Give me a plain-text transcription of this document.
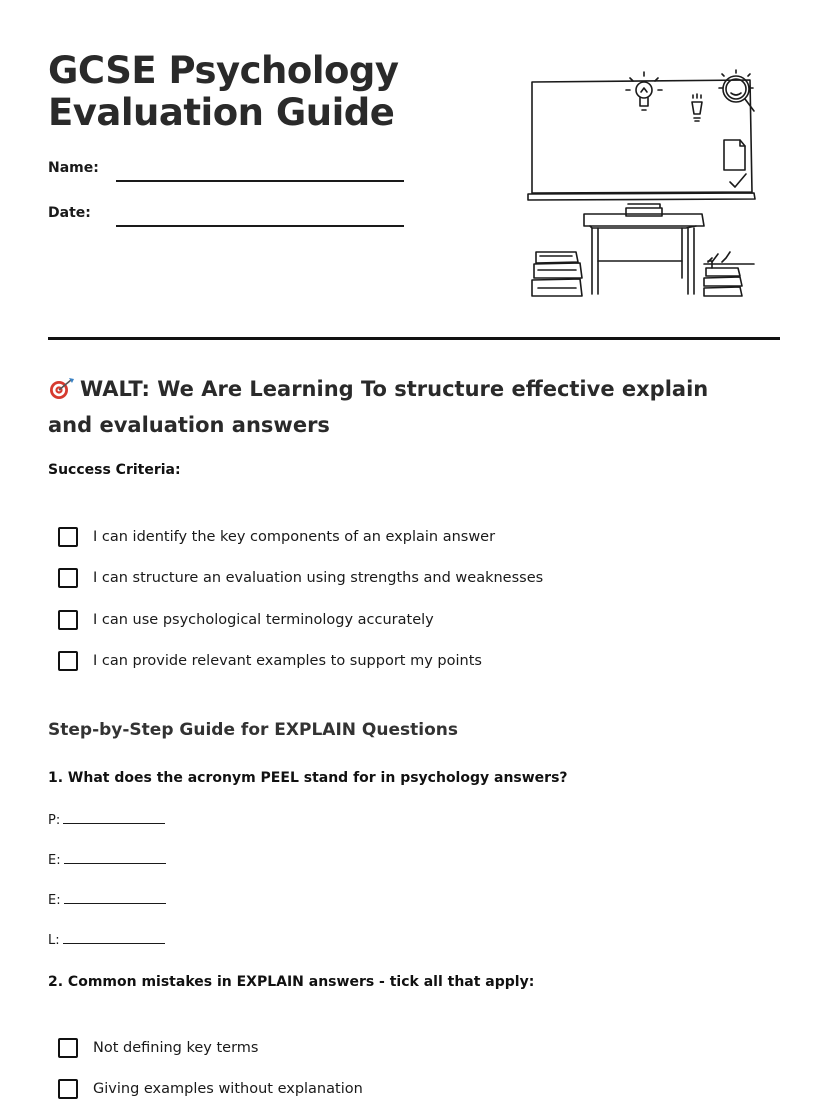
GCSE Psychology
Evaluation Guide
Name:
Date:
WALT: We Are Learning To structure effective explain and evaluation answers
Success Criteria:
I can identify the key components of an explain answer
I can structure an evaluation using strengths and weaknesses
I can use psychological terminology accurately
I can provide relevant examples to support my points
Step-by-Step Guide for EXPLAIN Questions
1. What does the acronym PEEL stand for in psychology answers?
P:
E:
E:
L:
2. Common mistakes in EXPLAIN answers - tick all that apply:
Not defining key terms
Giving examples without explanation
